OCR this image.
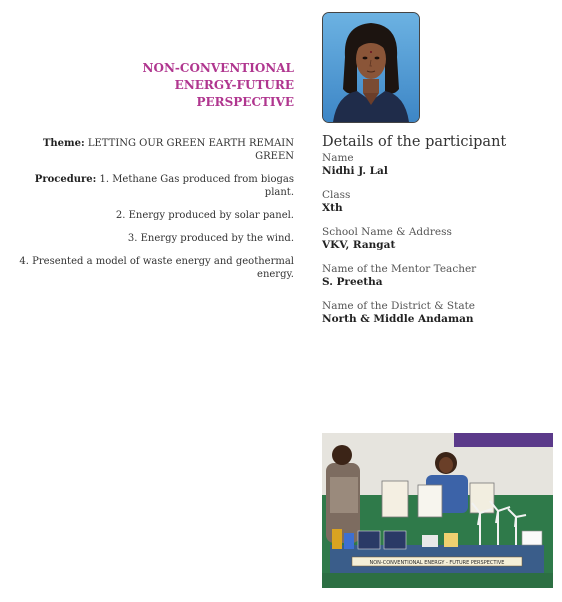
NON-CONVENTIONAL
ENERGY-FUTURE
PERSPECTIVE

Theme: LETTING OUR GREEN EARTH REMAIN GREEN

Procedure: 1. Methane Gas produced from biogas plant.

2. Energy produced by solar panel.

3. Energy produced by the wind.

4. Presented a model of waste energy and geothermal energy.

Details of the participant
Name
Nidhi J. Lal
Class
Xth
School Name & Address
VKV, Rangat
Name of the Mentor Teacher
S. Preetha
Name of the District & State
North & Middle Andaman
NON-CONVENTIONAL ENERGY - FUTURE PERSPECTIVE
